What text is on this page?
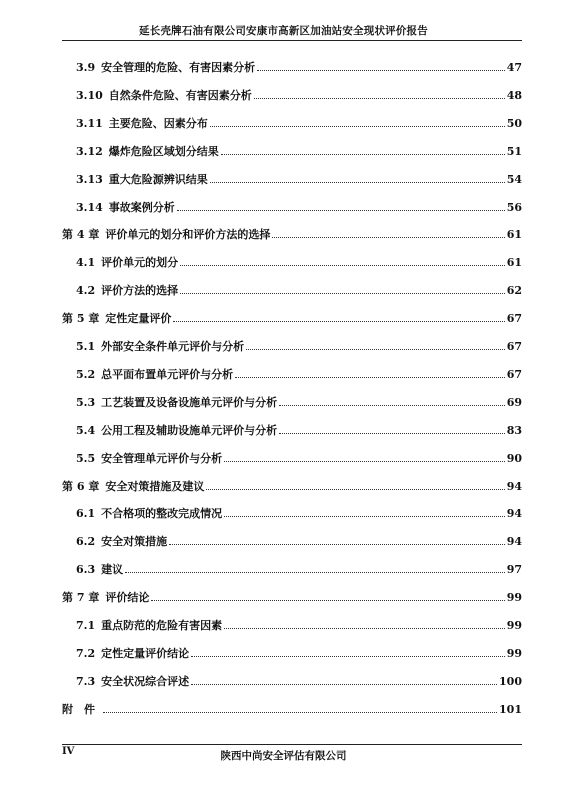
延长壳牌石油有限公司安康市高新区加油站安全现状评价报告
3.9 安全管理的危险、有害因素分析	47
3.10 自然条件危险、有害因素分析	48
3.11 主要危险、因素分布	50
3.12 爆炸危险区域划分结果	51
3.13 重大危险源辨识结果	54
3.14 事故案例分析	56
第 4 章 评价单元的划分和评价方法的选择	61
4.1 评价单元的划分	61
4.2 评价方法的选择	62
第 5 章 定性定量评价	67
5.1 外部安全条件单元评价与分析	67
5.2 总平面布置单元评价与分析	67
5.3 工艺装置及设备设施单元评价与分析	69
5.4 公用工程及辅助设施单元评价与分析	83
5.5 安全管理单元评价与分析	90
第 6 章 安全对策措施及建议	94
6.1 不合格项的整改完成情况	94
6.2 安全对策措施	94
6.3 建议	97
第 7 章 评价结论	99
7.1 重点防范的危险有害因素	99
7.2 定性定量评价结论	99
7.3 安全状况综合评述	100
附　件	101
IV	陕西中尚安全评估有限公司
